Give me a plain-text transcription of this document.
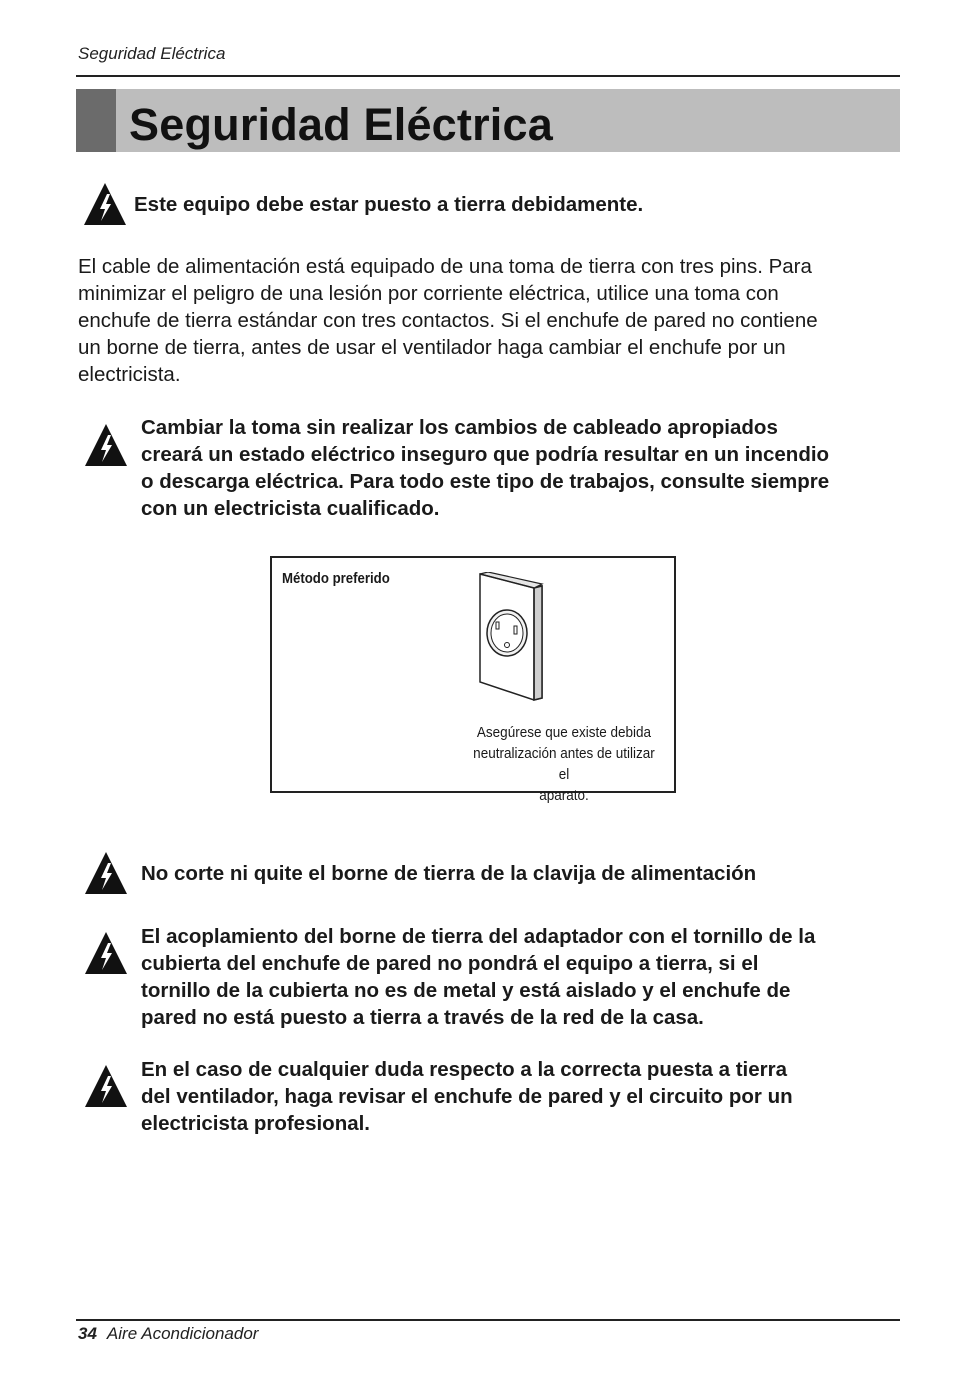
Seguridad Eléctrica
Seguridad Eléctrica
Este equipo debe estar puesto a tierra debidamente.
El cable de alimentación está equipado de una toma de tierra con tres pins. Para
minimizar el peligro de una lesión por corriente eléctrica, utilice una toma con
enchufe de tierra estándar con tres contactos. Si el enchufe de pared no contiene
un borne de tierra, antes de usar el ventilador haga cambiar el enchufe por un
electricista.
Cambiar la toma sin realizar los cambios de cableado apropiados
creará un estado eléctrico inseguro que podría resultar en un incendio
o descarga eléctrica. Para todo este tipo de trabajos, consulte siempre
con un electricista cualificado.
Método preferido
Asegúrese que existe debida
neutralización antes de utilizar el
aparato.
No corte ni quite el borne de tierra de la clavija de alimentación
El acoplamiento del borne de tierra del adaptador con el tornillo de la
cubierta del enchufe de pared no pondrá el equipo a tierra, si el
tornillo de la cubierta no es de metal y está aislado y el enchufe de
pared no está puesto a tierra a través de la red de la casa.
En el caso de cualquier duda respecto a la correcta puesta a tierra
del ventilador, haga revisar el enchufe de pared y el circuito por un
electricista profesional.
34 Aire Acondicionador
